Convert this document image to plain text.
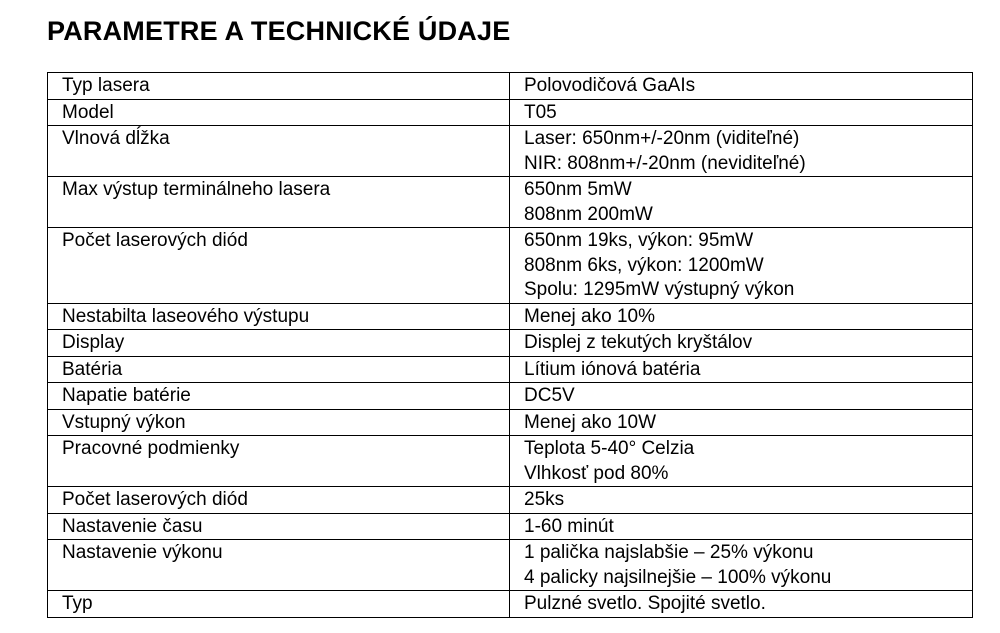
PARAMETRE A TECHNICKÉ ÚDAJE
Typ lasera	Polovodičová GaAIs

Model	T05

Vlnová dĺžka	Laser: 650nm+/-20nm (viditeľné)
NIR: 808nm+/-20nm (neviditeľné)

Max výstup terminálneho lasera	650nm 5mW
808nm 200mW

Počet laserových diód	650nm 19ks, výkon: 95mW
808nm 6ks, výkon: 1200mW
Spolu: 1295mW výstupný výkon

Nestabilta laseového výstupu	Menej ako 10%

Display	Displej z tekutých kryštálov

Batéria	Lítium iónová batéria

Napatie batérie	DC5V

Vstupný výkon	Menej ako 10W

Pracovné podmienky	Teplota 5-40° Celzia
Vlhkosť pod 80%

Počet laserových diód	25ks

Nastavenie času	1-60 minút

Nastavenie výkonu	1 palička najslabšie – 25% výkonu
4 palicky najsilnejšie – 100% výkonu

Typ	Pulzné svetlo. Spojité svetlo.
